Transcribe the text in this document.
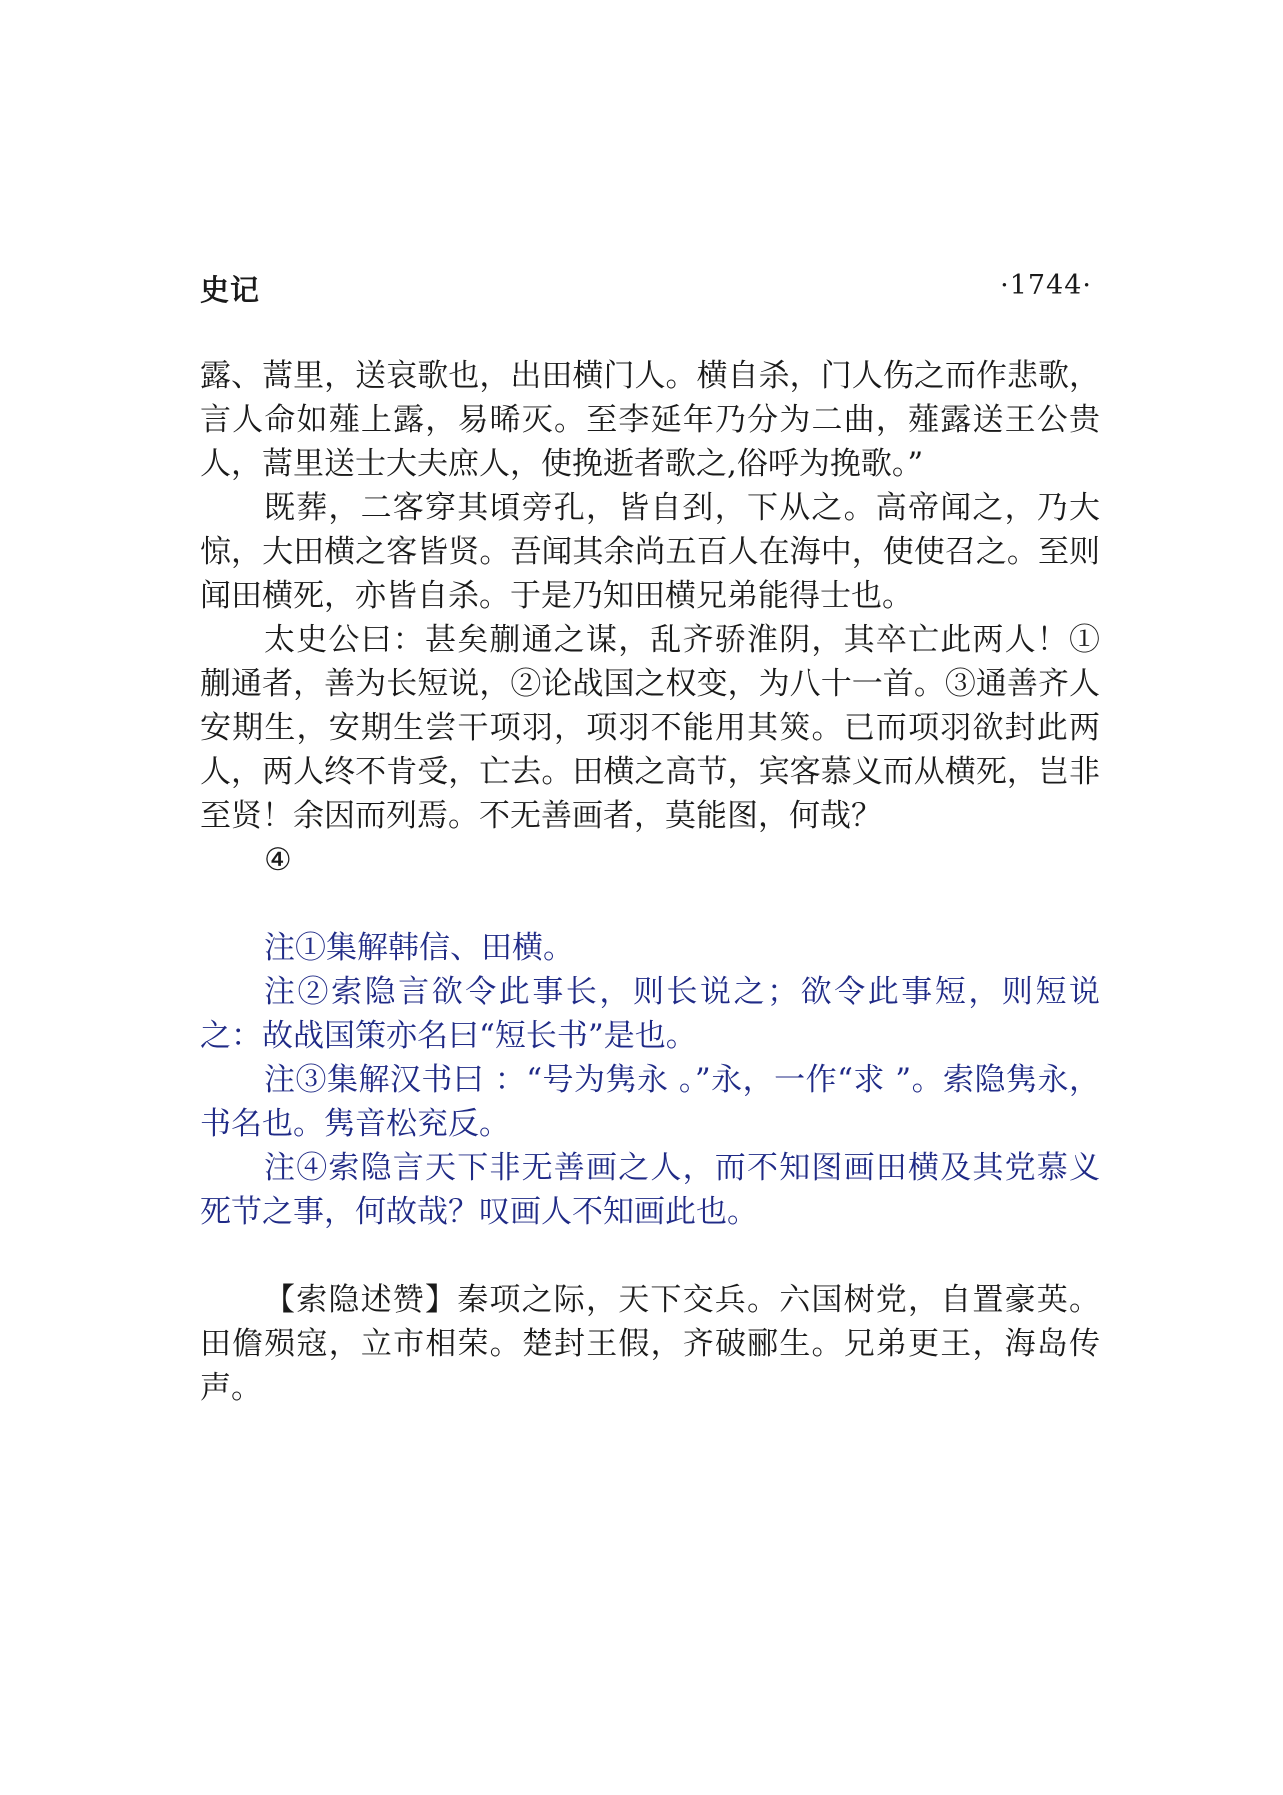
史记	·1744·

露、蒿里，送哀歌也，出田横门人。横自杀，门人伤之而作悲歌，言人命如薤上露，易晞灭。至李延年乃分为二曲，薤露送王公贵人，蒿里送士大夫庶人，使挽逝者歌之,俗呼为挽歌。”

既葬，二客穿其頃旁孔，皆自刭，下从之。高帝闻之，乃大惊，大田横之客皆贤。吾闻其余尚五百人在海中，使使召之。至则闻田横死，亦皆自杀。于是乃知田横兄弟能得士也。

太史公曰：甚矣蒯通之谋，乱齐骄淮阴，其卒亡此两人！①蒯通者，善为长短说，②论战国之权变，为八十一首。③通善齐人安期生，安期生尝干项羽，项羽不能用其筴。已而项羽欲封此两人，两人终不肯受，亡去。田横之高节，宾客慕义而从横死，岂非至贤！余因而列焉。不无善画者，莫能图，何哉？

④

注①集解韩信、田横。

注②索隐言欲令此事长，则长说之；欲令此事短，则短说之：故战国策亦名曰“短长书”是也。

注③集解汉书曰 ：“号为隽永 。”永，一作“求 ”。索隐隽永，书名也。隽音松兖反。

注④索隐言天下非无善画之人，而不知图画田横及其党慕义死节之事，何故哉？叹画人不知画此也。

【索隐述赞】秦项之际，天下交兵。六国树党，自置豪英。田儋殒寇，立市相荣。楚封王假，齐破郦生。兄弟更王，海岛传声。
